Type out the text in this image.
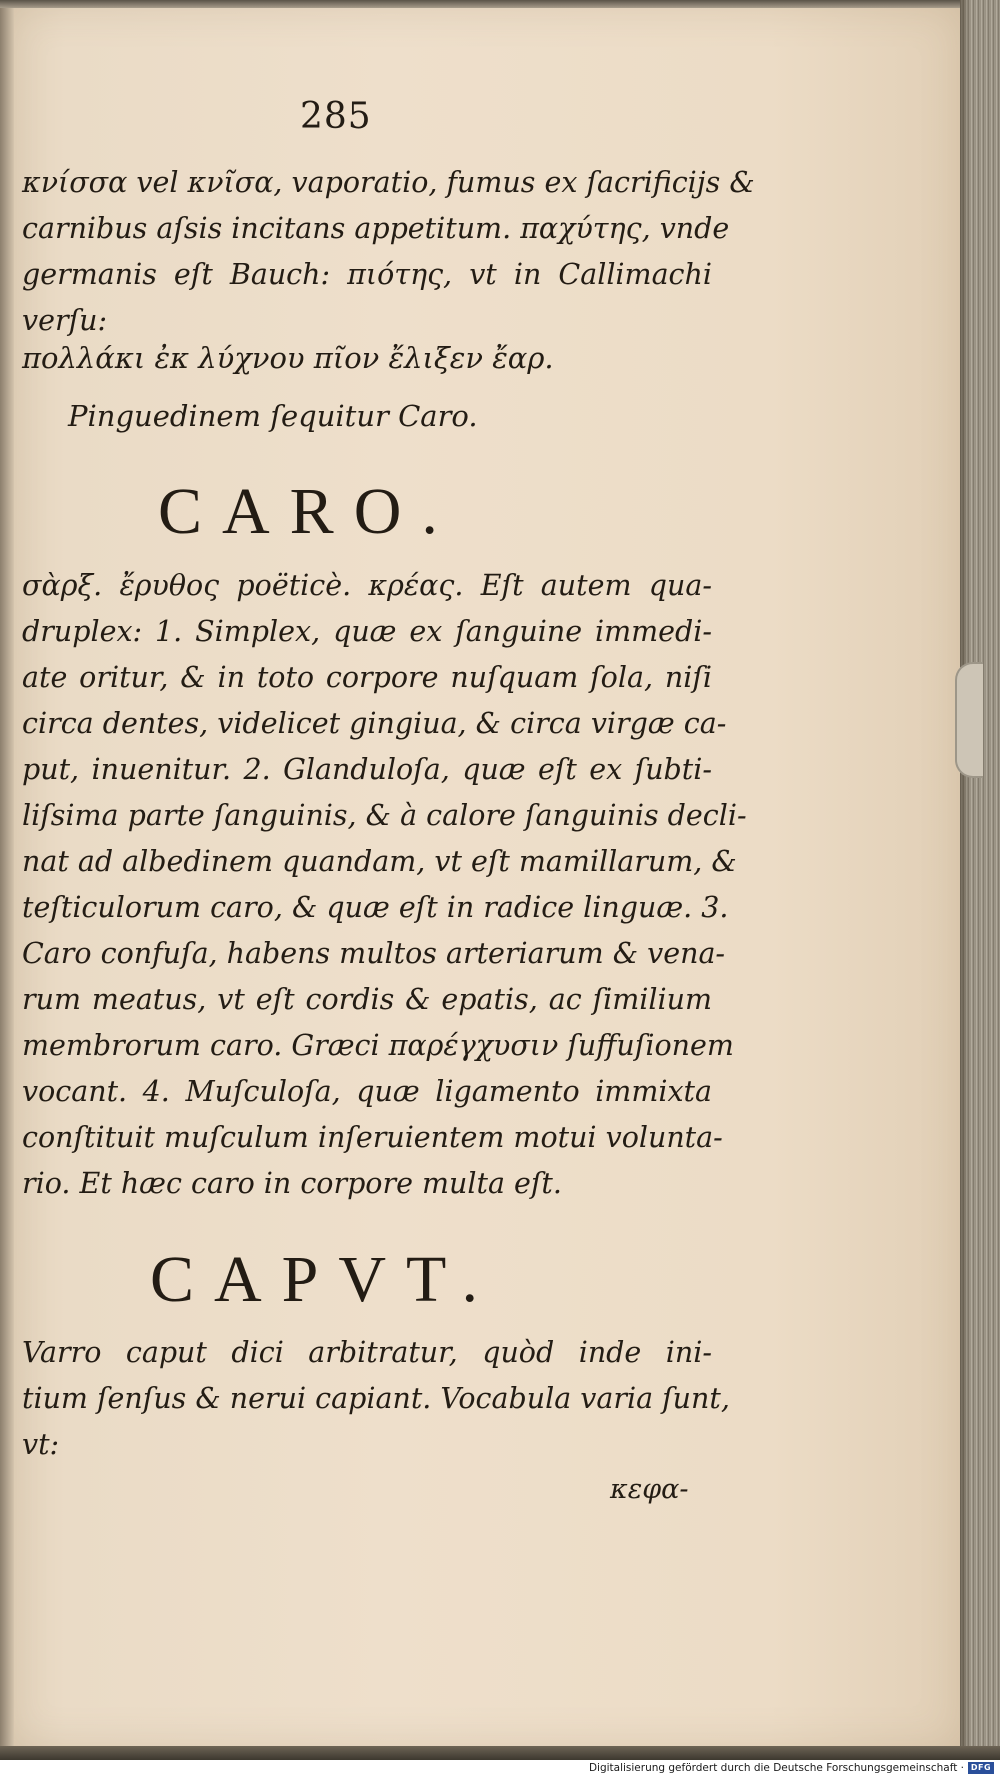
285
κνίσσα vel κνῖσα, vaporatio, fumus ex ſacrificijs &
carnibus aſsis incitans appetitum. παχύτης, vnde
germanis eſt Bauch: πιότης, vt in Callimachi
verſu:
πολλάκι ἐκ λύχνου πῖον ἔλιξεν ἔαρ.
Pinguedinem ſequitur Caro.
CARO.
σὰρξ. ἔρυθος poëticè. κρέας. Eſt autem qua-
druplex: 1. Simplex, quæ ex ſanguine immedi-
ate oritur, & in toto corpore nuſquam ſola, niſi
circa dentes, videlicet gingiua, & circa virgæ ca-
put, inuenitur. 2. Glanduloſa, quæ eſt ex ſubti-
liſsima parte ſanguinis, & à calore ſanguinis decli-
nat ad albedinem quandam, vt eſt mamillarum, &
teſticulorum caro, & quæ eſt in radice linguæ. 3.
Caro confuſa, habens multos arteriarum & vena-
rum meatus, vt eſt cordis & epatis, ac ſimilium
membrorum caro. Græci παρέγχυσιν ſuffuſionem
vocant. 4. Muſculoſa, quæ ligamento immixta
conſtituit muſculum inſeruientem motui volunta-
rio. Et hæc caro in corpore multa eſt.
CAPVT.
Varro caput dici arbitratur, quòd inde ini-
tium ſenſus & nerui capiant. Vocabula varia ſunt,
vt:
κεφα-
Digitalisierung gefördert durch die Deutsche Forschungsgemeinschaft · DFG
